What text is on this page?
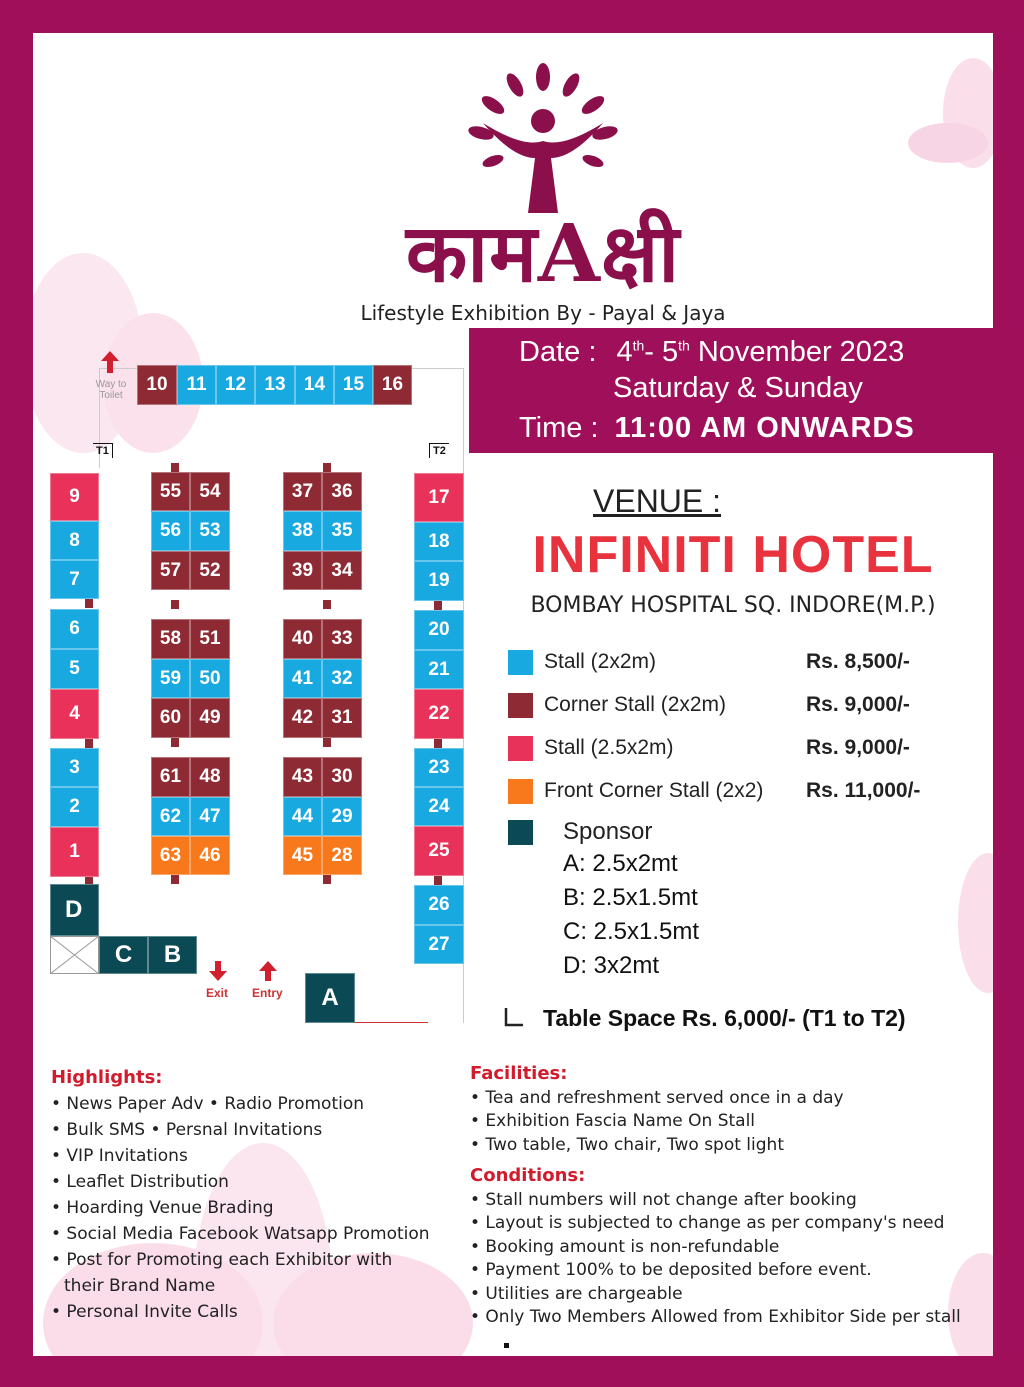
कामAक्षी
Lifestyle Exhibition By - Payal & Jaya
Date : 4th- 5th November 2023
Saturday & Sunday
Time : 11:00 AM ONWARDS
VENUE :
INFINITI HOTEL
BOMBAY HOSPITAL SQ. INDORE(M.P.)
Stall (2x2m)	Rs. 8,500/-
Corner Stall (2x2m)	Rs. 9,000/-
Stall (2.5x2m)	Rs. 9,000/-
Front Corner Stall (2x2) Rs. 11,000/-
Sponsor
A: 2.5x2mt
B: 2.5x1.5mt
C: 2.5x1.5mt
D: 3x2mt
Table Space Rs. 6,000/- (T1 to T2)
Way to
Toilet
T1	T2
10 11 12 13 14 15 16
9
8
7
6
5
4
3
2
1
D
C	B
A
Exit Entry
17
18
19
20
21
22
23
24
25
26
27
55 54
56 53
57 52
58 51
59 50
60 49
61 48
62 47
63 46
37 36
38 35
39 34
40 33
41 32
42 31
43 30
44 29
45 28
Highlights:
• News Paper Adv • Radio Promotion
• Bulk SMS • Persnal Invitations
• VIP Invitations
• Leaflet Distribution
• Hoarding Venue Brading
• Social Media Facebook Watsapp Promotion
• Post for Promoting each Exhibitor with
their Brand Name
• Personal Invite Calls
Facilities:
• Tea and refreshment served once in a day
• Exhibition Fascia Name On Stall
• Two table, Two chair, Two spot light
Conditions:
• Stall numbers will not change after booking
• Layout is subjected to change as per company's need
• Booking amount is non-refundable
• Payment 100% to be deposited before event.
• Utilities are chargeable
• Only Two Members Allowed from Exhibitor Side per stall
